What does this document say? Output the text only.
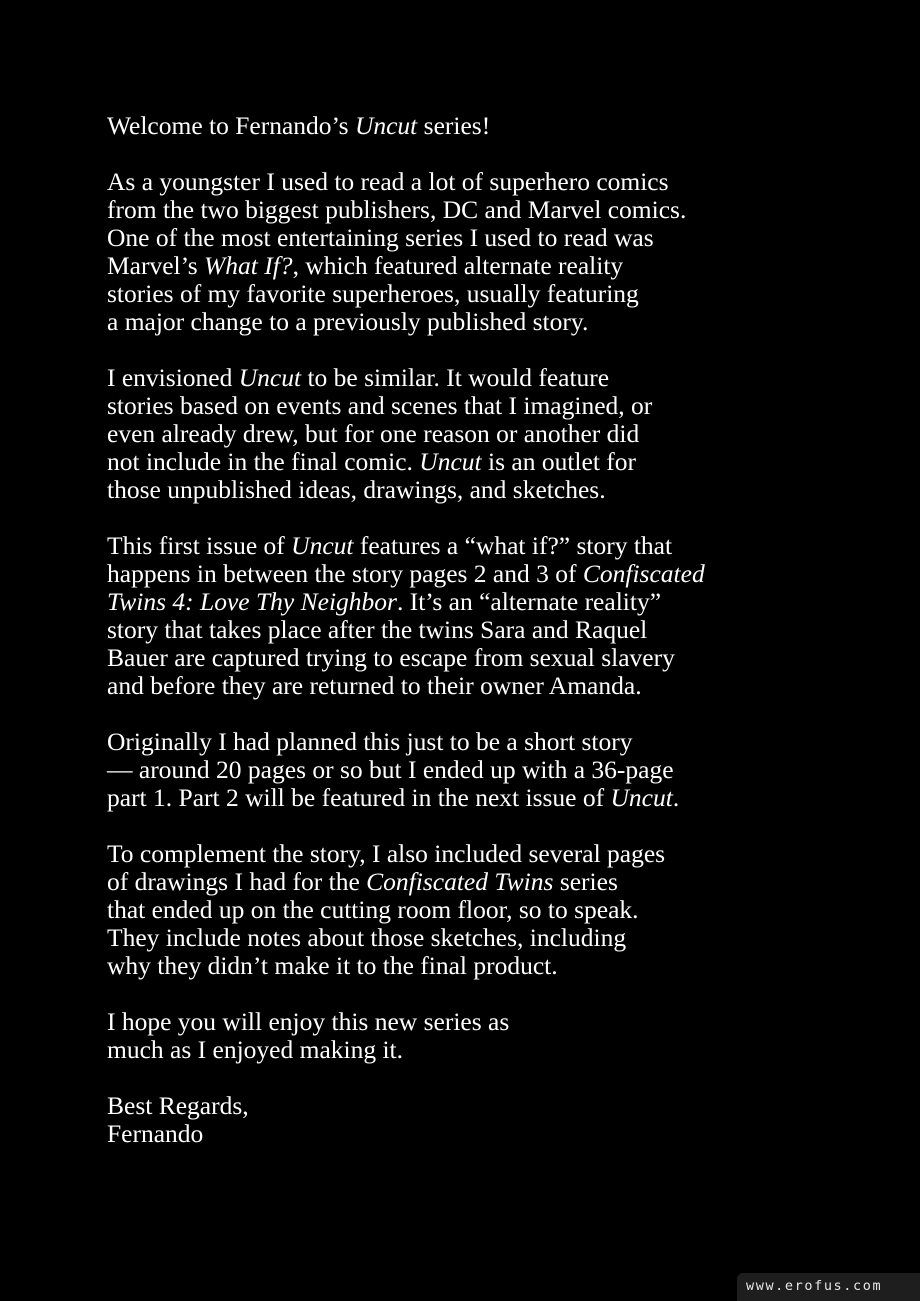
Welcome to Fernando’s Uncut series!

As a youngster I used to read a lot of superhero comics
from the two biggest publishers, DC and Marvel comics.
One of the most entertaining series I used to read was
Marvel’s What If?, which featured alternate reality
stories of my favorite superheroes, usually featuring
a major change to a previously published story.

I envisioned Uncut to be similar. It would feature
stories based on events and scenes that I imagined, or
even already drew, but for one reason or another did
not include in the final comic. Uncut is an outlet for
those unpublished ideas, drawings, and sketches.

This first issue of Uncut features a “what if?” story that
happens in between the story pages 2 and 3 of Confiscated
Twins 4: Love Thy Neighbor. It’s an “alternate reality”
story that takes place after the twins Sara and Raquel
Bauer are captured trying to escape from sexual slavery
and before they are returned to their owner Amanda.

Originally I had planned this just to be a short story
— around 20 pages or so but I ended up with a 36-page
part 1. Part 2 will be featured in the next issue of Uncut.

To complement the story, I also included several pages
of drawings I had for the Confiscated Twins series
that ended up on the cutting room floor, so to speak.
They include notes about those sketches, including
why they didn’t make it to the final product.

I hope you will enjoy this new series as
much as I enjoyed making it.

Best Regards,
Fernando

www.erofus.com
